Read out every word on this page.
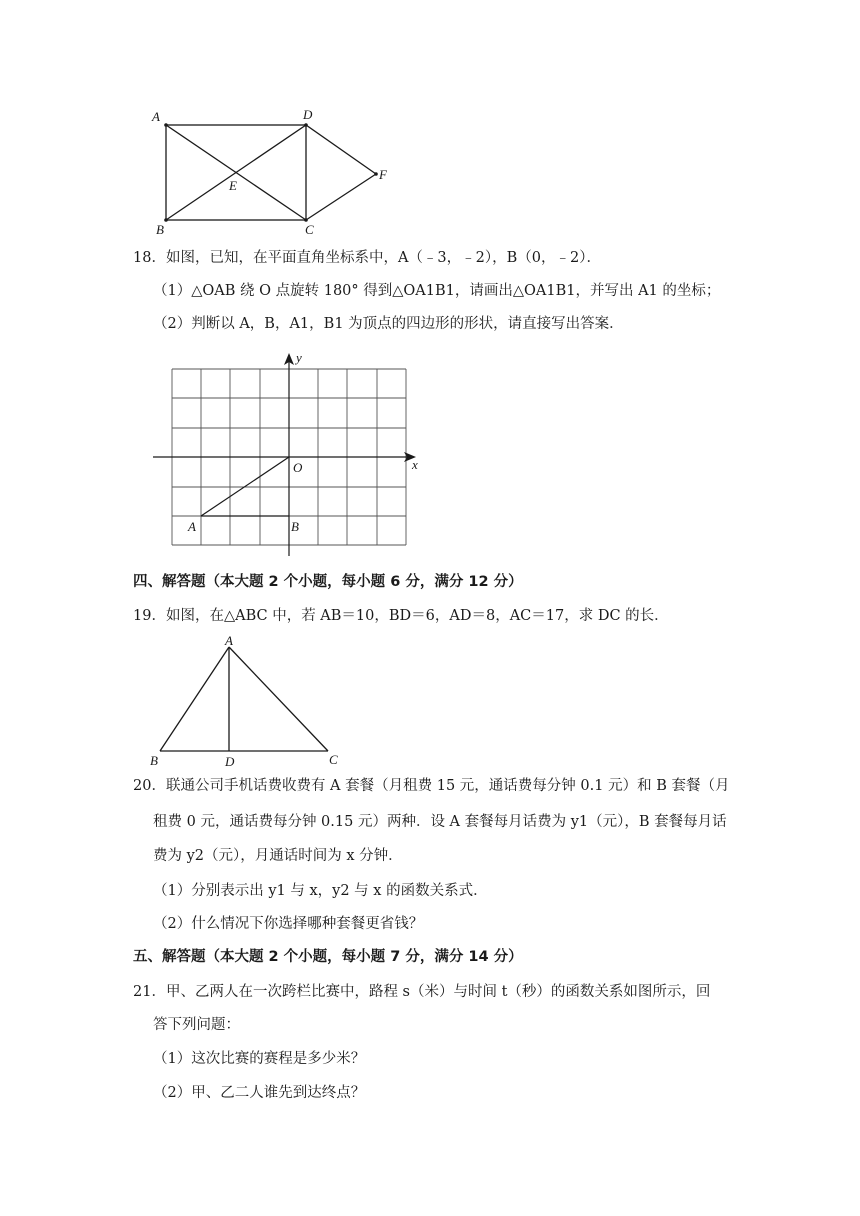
A	D
B	C
E
F
18．如图，已知，在平面直角坐标系中，A（﹣3，﹣2），B（0，﹣2）．
（1）△OAB 绕 O 点旋转 180° 得到△OA1B1，请画出△OA1B1，并写出 A1 的坐标；
（2）判断以 A，B，A1，B1 为顶点的四边形的形状，请直接写出答案．
x
y
O
A	B
四、解答题（本大题 2 个小题，每小题 6 分，满分 12 分）
19．如图，在△ABC 中，若 AB＝10，BD＝6，AD＝8，AC＝17，求 DC 的长．
A
B	C
D
20．联通公司手机话费收费有 A 套餐（月租费 15 元，通话费每分钟 0.1 元）和 B 套餐（月
租费 0 元，通话费每分钟 0.15 元）两种．设 A 套餐每月话费为 y1（元），B 套餐每月话
费为 y2（元），月通话时间为 x 分钟．
（1）分别表示出 y1 与 x，y2 与 x 的函数关系式．
（2）什么情况下你选择哪种套餐更省钱？
五、解答题（本大题 2 个小题，每小题 7 分，满分 14 分）
21．甲、乙两人在一次跨栏比赛中，路程 s（米）与时间 t（秒）的函数关系如图所示，回
答下列问题：
（1）这次比赛的赛程是多少米？
（2）甲、乙二人谁先到达终点？
